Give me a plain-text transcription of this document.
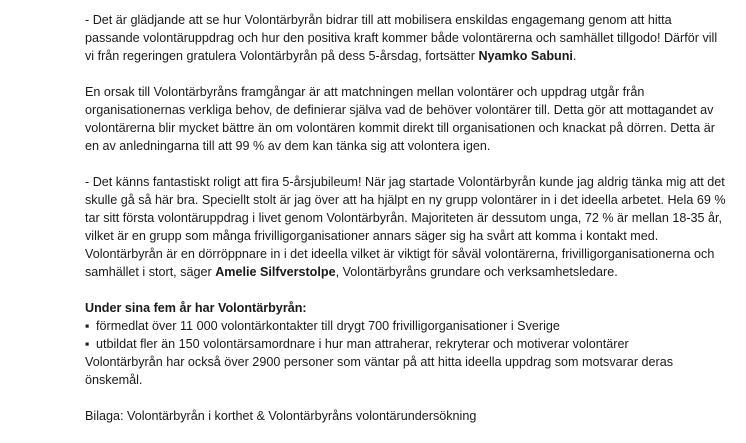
- Det är glädjande att se hur Volontärbyrån bidrar till att mobilisera enskildas engagemang genom att hitta
passande volontäruppdrag och hur den positiva kraft kommer både volontärerna och samhället tillgodo! Därför vill
vi från regeringen gratulera Volontärbyrån på dess 5-årsdag, fortsätter Nyamko Sabuni.
En orsak till Volontärbyråns framgångar är att matchningen mellan volontärer och uppdrag utgår från
organisationernas verkliga behov, de definierar själva vad de behöver volontärer till. Detta gör att mottagandet av
volontärerna blir mycket bättre än om volontären kommit direkt till organisationen och knackat på dörren. Detta är
en av anledningarna till att 99 % av dem kan tänka sig att volontera igen.
- Det känns fantastiskt roligt att fira 5-årsjubileum! När jag startade Volontärbyrån kunde jag aldrig tänka mig att det
skulle gå så här bra. Speciellt stolt är jag över att ha hjälpt en ny grupp volontärer in i det ideella arbetet. Hela 69 %
tar sitt första volontäruppdrag i livet genom Volontärbyrån. Majoriteten är dessutom unga, 72 % är mellan 18-35 år,
vilket är en grupp som många frivilligorganisationer annars säger sig ha svårt att komma i kontakt med.
Volontärbyrån är en dörröppnare in i det ideella vilket är viktigt för såväl volontärerna, frivilligorganisationerna och
samhället i stort, säger Amelie Silfverstolpe, Volontärbyråns grundare och verksamhetsledare.
Under sina fem år har Volontärbyrån:
▪ förmedlat över 11 000 volontärkontakter till drygt 700 frivilligorganisationer i Sverige
▪ utbildat fler än 150 volontärsamordnare i hur man attraherar, rekryterar och motiverar volontärer
Volontärbyrån har också över 2900 personer som väntar på att hitta ideella uppdrag som motsvarar deras
önskemål.
Bilaga: Volontärbyrån i korthet & Volontärbyråns volontärundersökning
